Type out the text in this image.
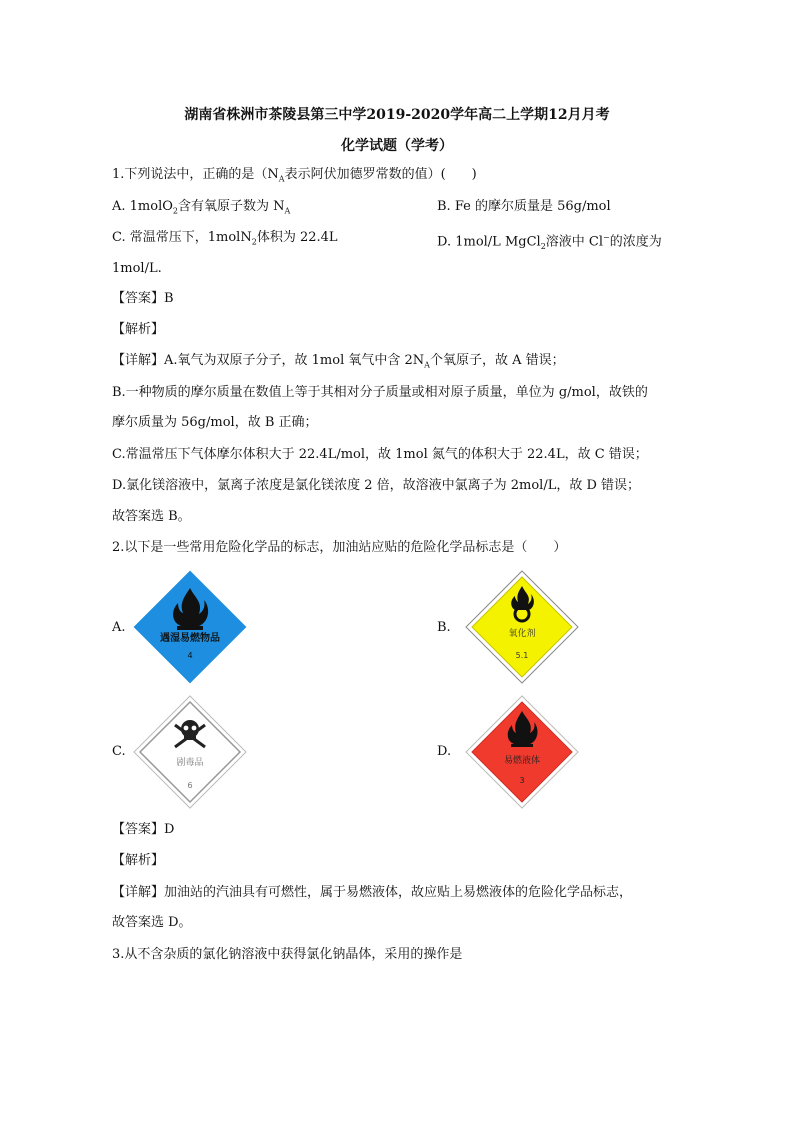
湖南省株洲市茶陵县第三中学2019-2020学年高二上学期12月月考
化学试题（学考）
1.下列说法中，正确的是（$N_A$表示阿伏加德罗常数的值）(　　)
A. 1molO$_2$含有氧原子数为 $N_A$	B. Fe 的摩尔质量是 56g/mol
C. 常温常压下，1molN$_2$体积为 22.4L	D. 1mol/L MgCl$_2$溶液中 Cl−的浓度为
1mol/L.
【答案】B
【解析】
【详解】A.氧气为双原子分子，故 1mol 氧气中含 $2N_A$个氧原子，故 A 错误；
B.一种物质的摩尔质量在数值上等于其相对分子质量或相对原子质量，单位为 g/mol，故铁的
摩尔质量为 56g/mol，故 B 正确；
C.常温常压下气体摩尔体积大于 22.4L/mol，故 1mol 氮气的体积大于 22.4L，故 C 错误；
D.氯化镁溶液中，氯离子浓度是氯化镁浓度 2 倍，故溶液中氯离子为 2mol/L，故 D 错误；
故答案选 B。
2.以下是一些常用危险化学品的标志，加油站应贴的危险化学品标志是（　　）
A.
遇湿易燃物品
4
B.	氧化剂
5.1
C.
剧毒品
6
D.
易燃液体
3
【答案】D
【解析】
【详解】加油站的汽油具有可燃性，属于易燃液体，故应贴上易燃液体的危险化学品标志，
故答案选 D。
3.从不含杂质的氯化钠溶液中获得氯化钠晶体，采用的操作是
